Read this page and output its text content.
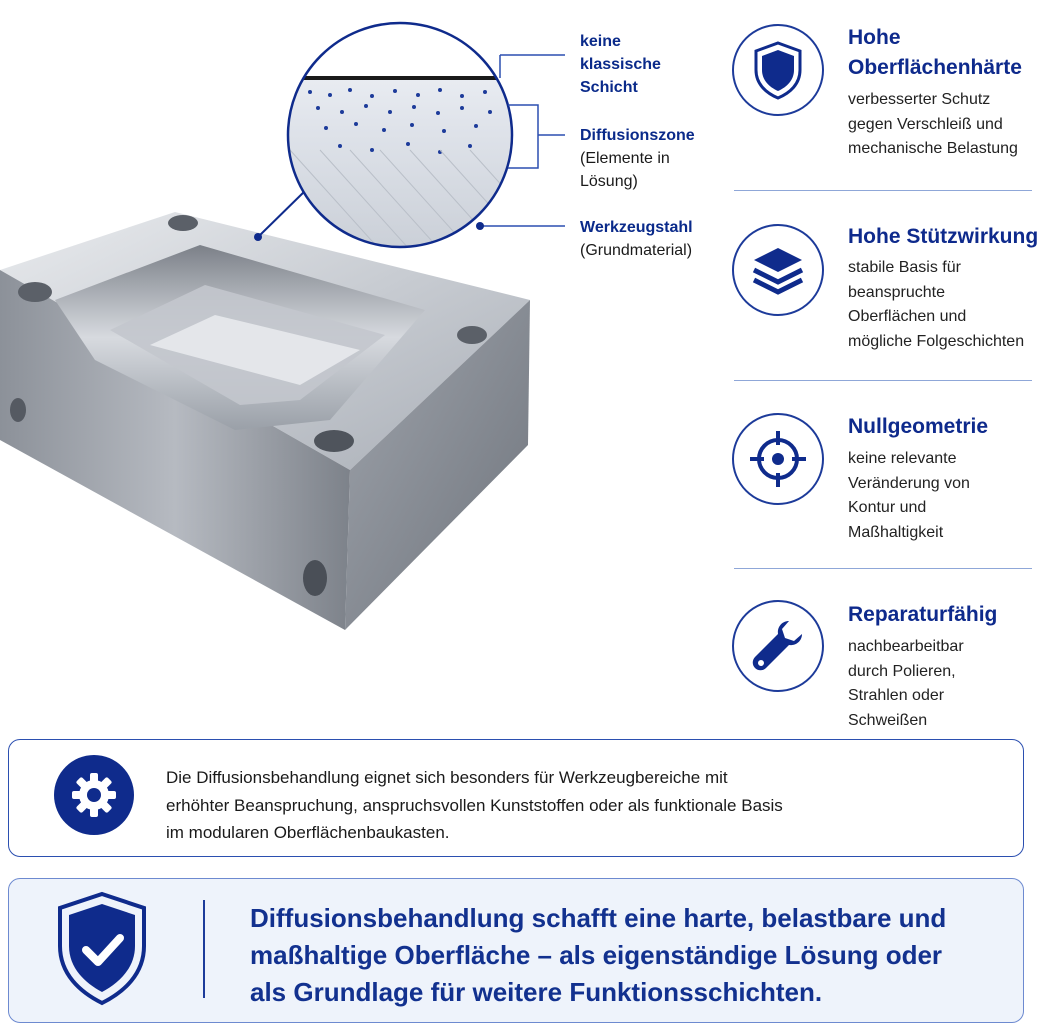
keine
klassische
Schicht
Diffusionszone
(Elemente in
Lösung)
Werkzeugstahl
(Grundmaterial)
Hohe
Oberflächenhärte
verbesserter Schutz
gegen Verschleiß und
mechanische Belastung
Hohe Stützwirkung
stabile Basis für
beanspruchte
Oberflächen und
mögliche Folgeschichten
Nullgeometrie
keine relevante
Veränderung von
Kontur und
Maßhaltigkeit
Reparaturfähig
nachbearbeitbar
durch Polieren,
Strahlen oder
Schweißen
Die Diffusionsbehandlung eignet sich besonders für Werkzeugbereiche mit
erhöhter Beanspruchung, anspruchsvollen Kunststoffen oder als funktionale Basis
im modularen Oberflächenbaukasten.
Diffusionsbehandlung schafft eine harte, belastbare und
maßhaltige Oberfläche – als eigenständige Lösung oder
als Grundlage für weitere Funktionsschichten.
